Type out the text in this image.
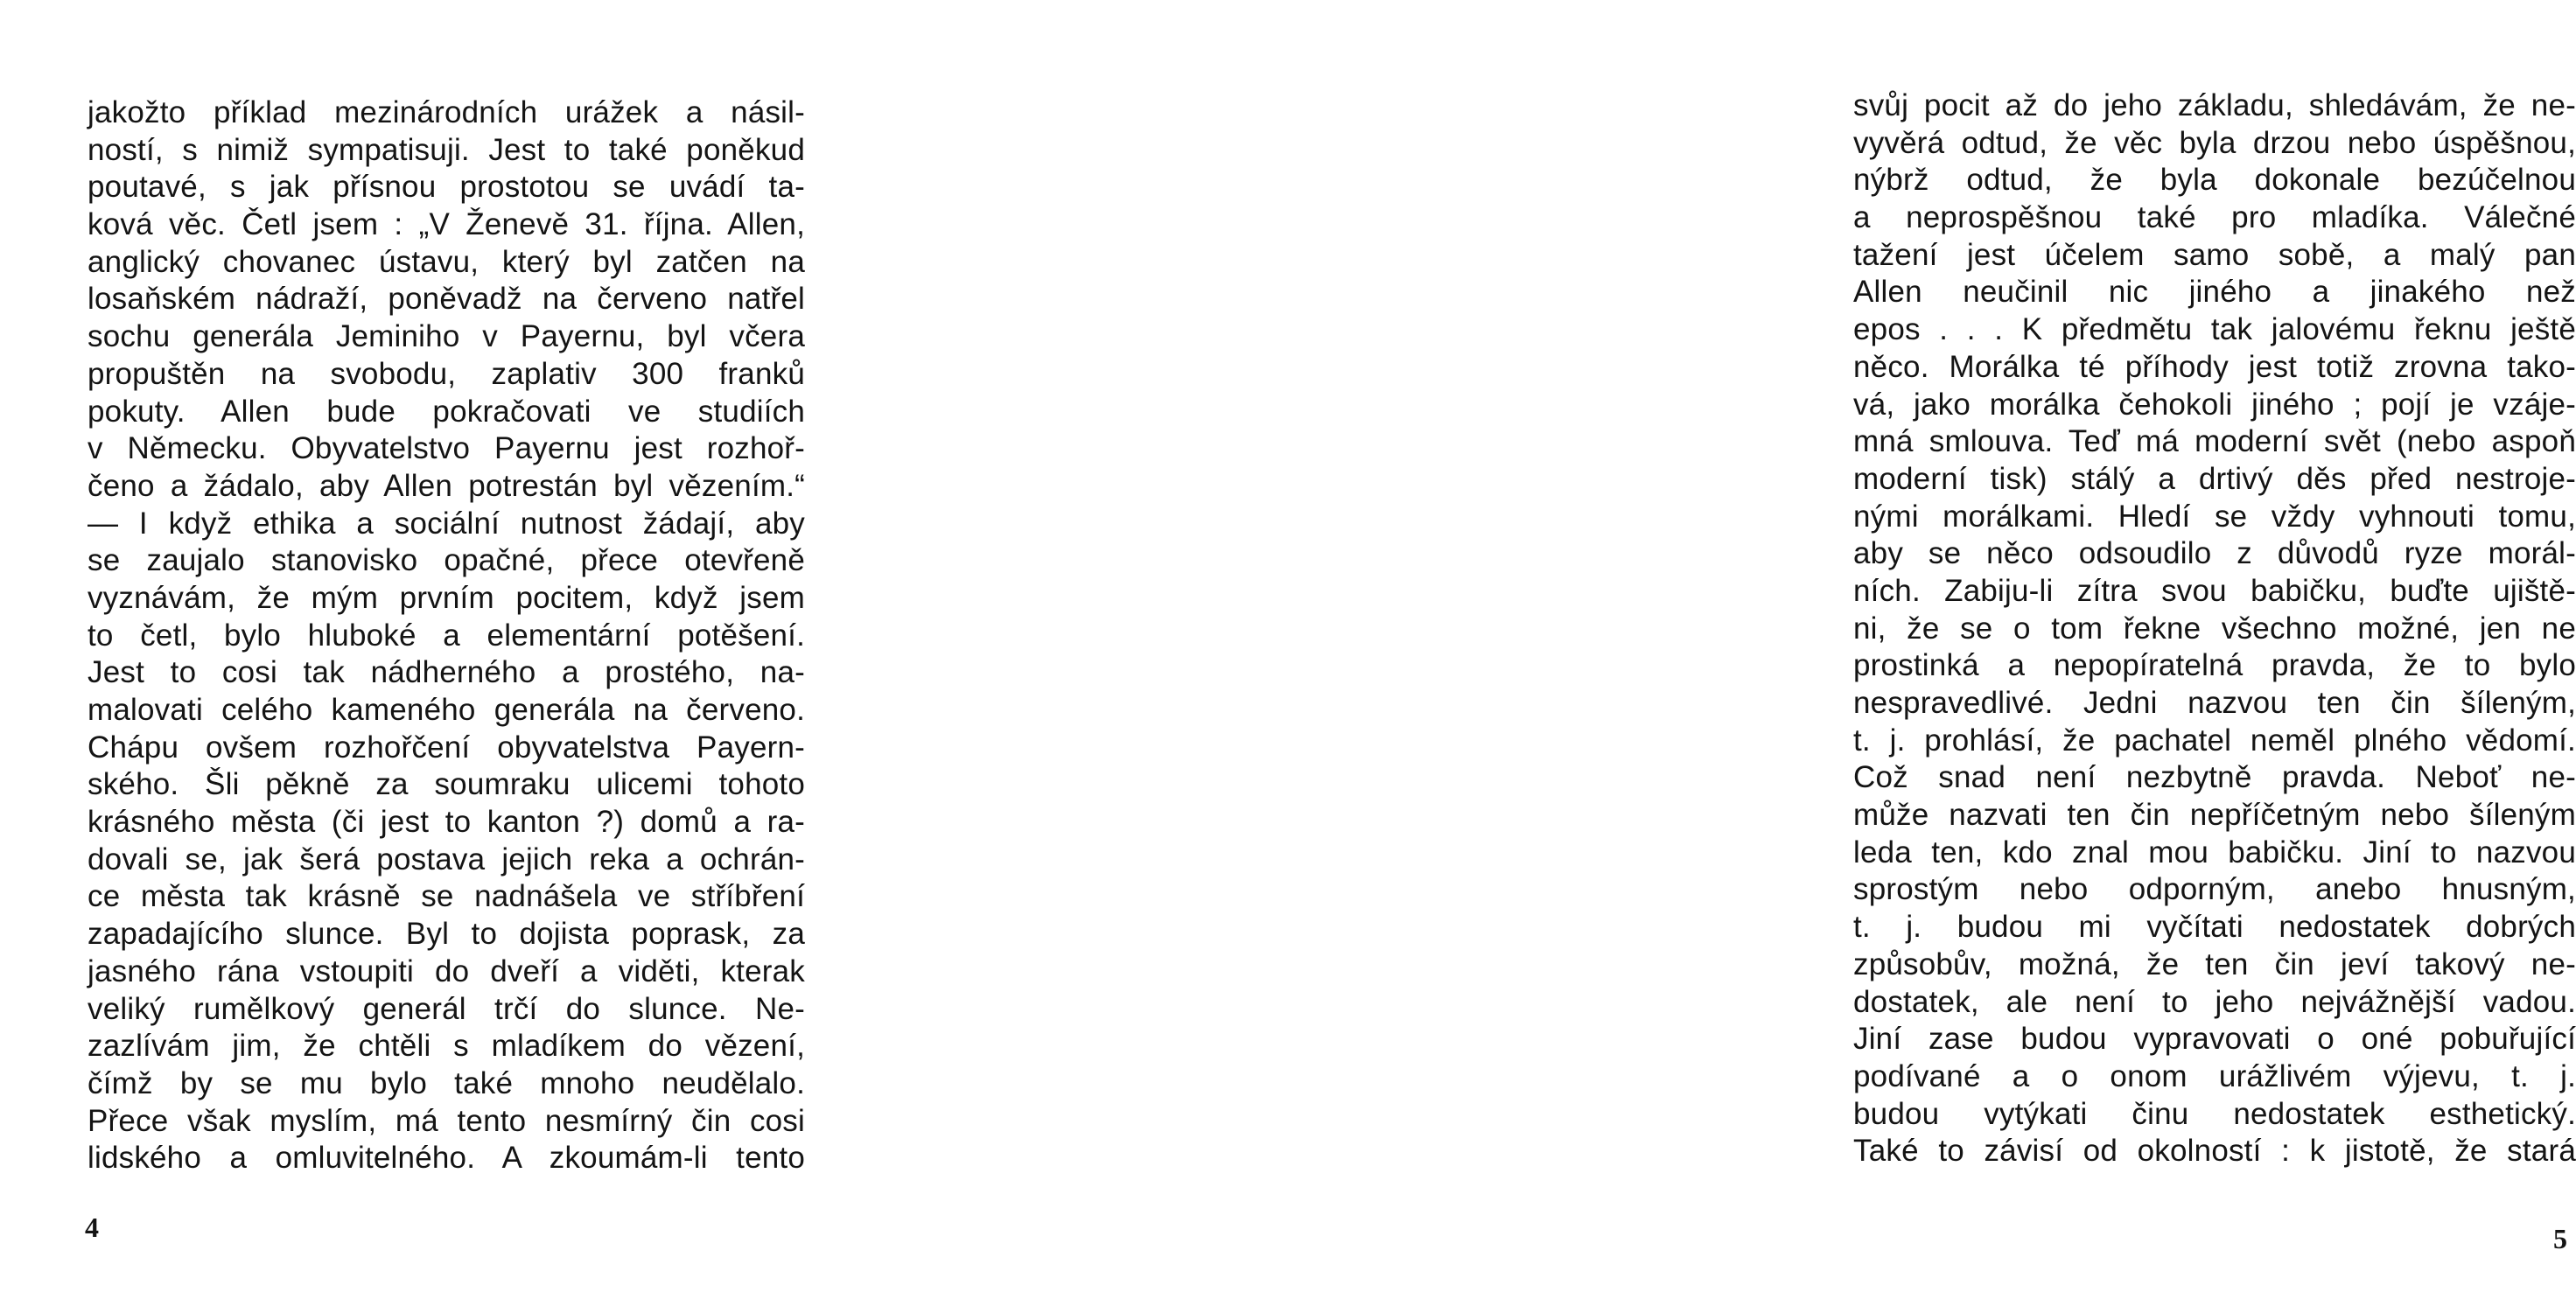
jakožto příklad mezinárodních urážek a násil-
ností, s nimiž sympatisuji. Jest to také poněkud
poutavé, s jak přísnou prostotou se uvádí ta-
ková věc. Četl jsem : „V Ženevě 31. října. Allen,
anglický chovanec ústavu, který byl zatčen na
losaňském nádraží, poněvadž na červeno natřel
sochu generála Jeminiho v Payernu, byl včera
propuštěn na svobodu, zaplativ 300 franků
pokuty. Allen bude pokračovati ve studiích
v Německu. Obyvatelstvo Payernu jest rozhoř-
čeno a žádalo, aby Allen potrestán byl vězením.“
— I když ethika a sociální nutnost žádají, aby
se zaujalo stanovisko opačné, přece otevřeně
vyznávám, že mým prvním pocitem, když jsem
to četl, bylo hluboké a elementární potěšení.
Jest to cosi tak nádherného a prostého, na-
malovati celého kameného generála na červeno.
Chápu ovšem rozhořčení obyvatelstva Payern-
ského. Šli pěkně za soumraku ulicemi tohoto
krásného města (či jest to kanton ?) domů a ra-
dovali se, jak šerá postava jejich reka a ochrán-
ce města tak krásně se nadnášela ve stříbření
zapadajícího slunce. Byl to dojista poprask, za
jasného rána vstoupiti do dveří a viděti, kterak
veliký rumělkový generál trčí do slunce. Ne-
zazlívám jim, že chtěli s mladíkem do vězení,
čímž by se mu bylo také mnoho neudělalo.
Přece však myslím, má tento nesmírný čin cosi
lidského a omluvitelného. A zkoumám-li tento
4
svůj pocit až do jeho základu, shledávám, že ne-
vyvěrá odtud, že věc byla drzou nebo úspěšnou,
nýbrž odtud, že byla dokonale bezúčelnou
a neprospěšnou také pro mladíka. Válečné
tažení jest účelem samo sobě, a malý pan
Allen neučinil nic jiného a jinakého než
epos . . . K předmětu tak jalovému řeknu ještě
něco. Morálka té příhody jest totiž zrovna tako-
vá, jako morálka čehokoli jiného ; pojí je vzáje-
mná smlouva. Teď má moderní svět (nebo aspoň
moderní tisk) stálý a drtivý děs před nestroje-
nými morálkami. Hledí se vždy vyhnouti tomu,
aby se něco odsoudilo z důvodů ryze morál-
ních. Zabiju-li zítra svou babičku, buďte ujiště-
ni, že se o tom řekne všechno možné, jen ne
prostinká a nepopíratelná pravda, že to bylo
nespravedlivé. Jedni nazvou ten čin šíleným,
t. j. prohlásí, že pachatel neměl plného vědomí.
Což snad není nezbytně pravda. Neboť ne-
může nazvati ten čin nepříčetným nebo šíleným
leda ten, kdo znal mou babičku. Jiní to nazvou
sprostým nebo odporným, anebo hnusným,
t. j. budou mi vyčítati nedostatek dobrých
způsobův, možná, že ten čin jeví takový ne-
dostatek, ale není to jeho nejvážnější vadou.
Jiní zase budou vypravovati o oné pobuřující
podívané a o onom urážlivém výjevu, t. j.
budou vytýkati činu nedostatek esthetický.
Také to závisí od okolností : k jistotě, že stará
5
